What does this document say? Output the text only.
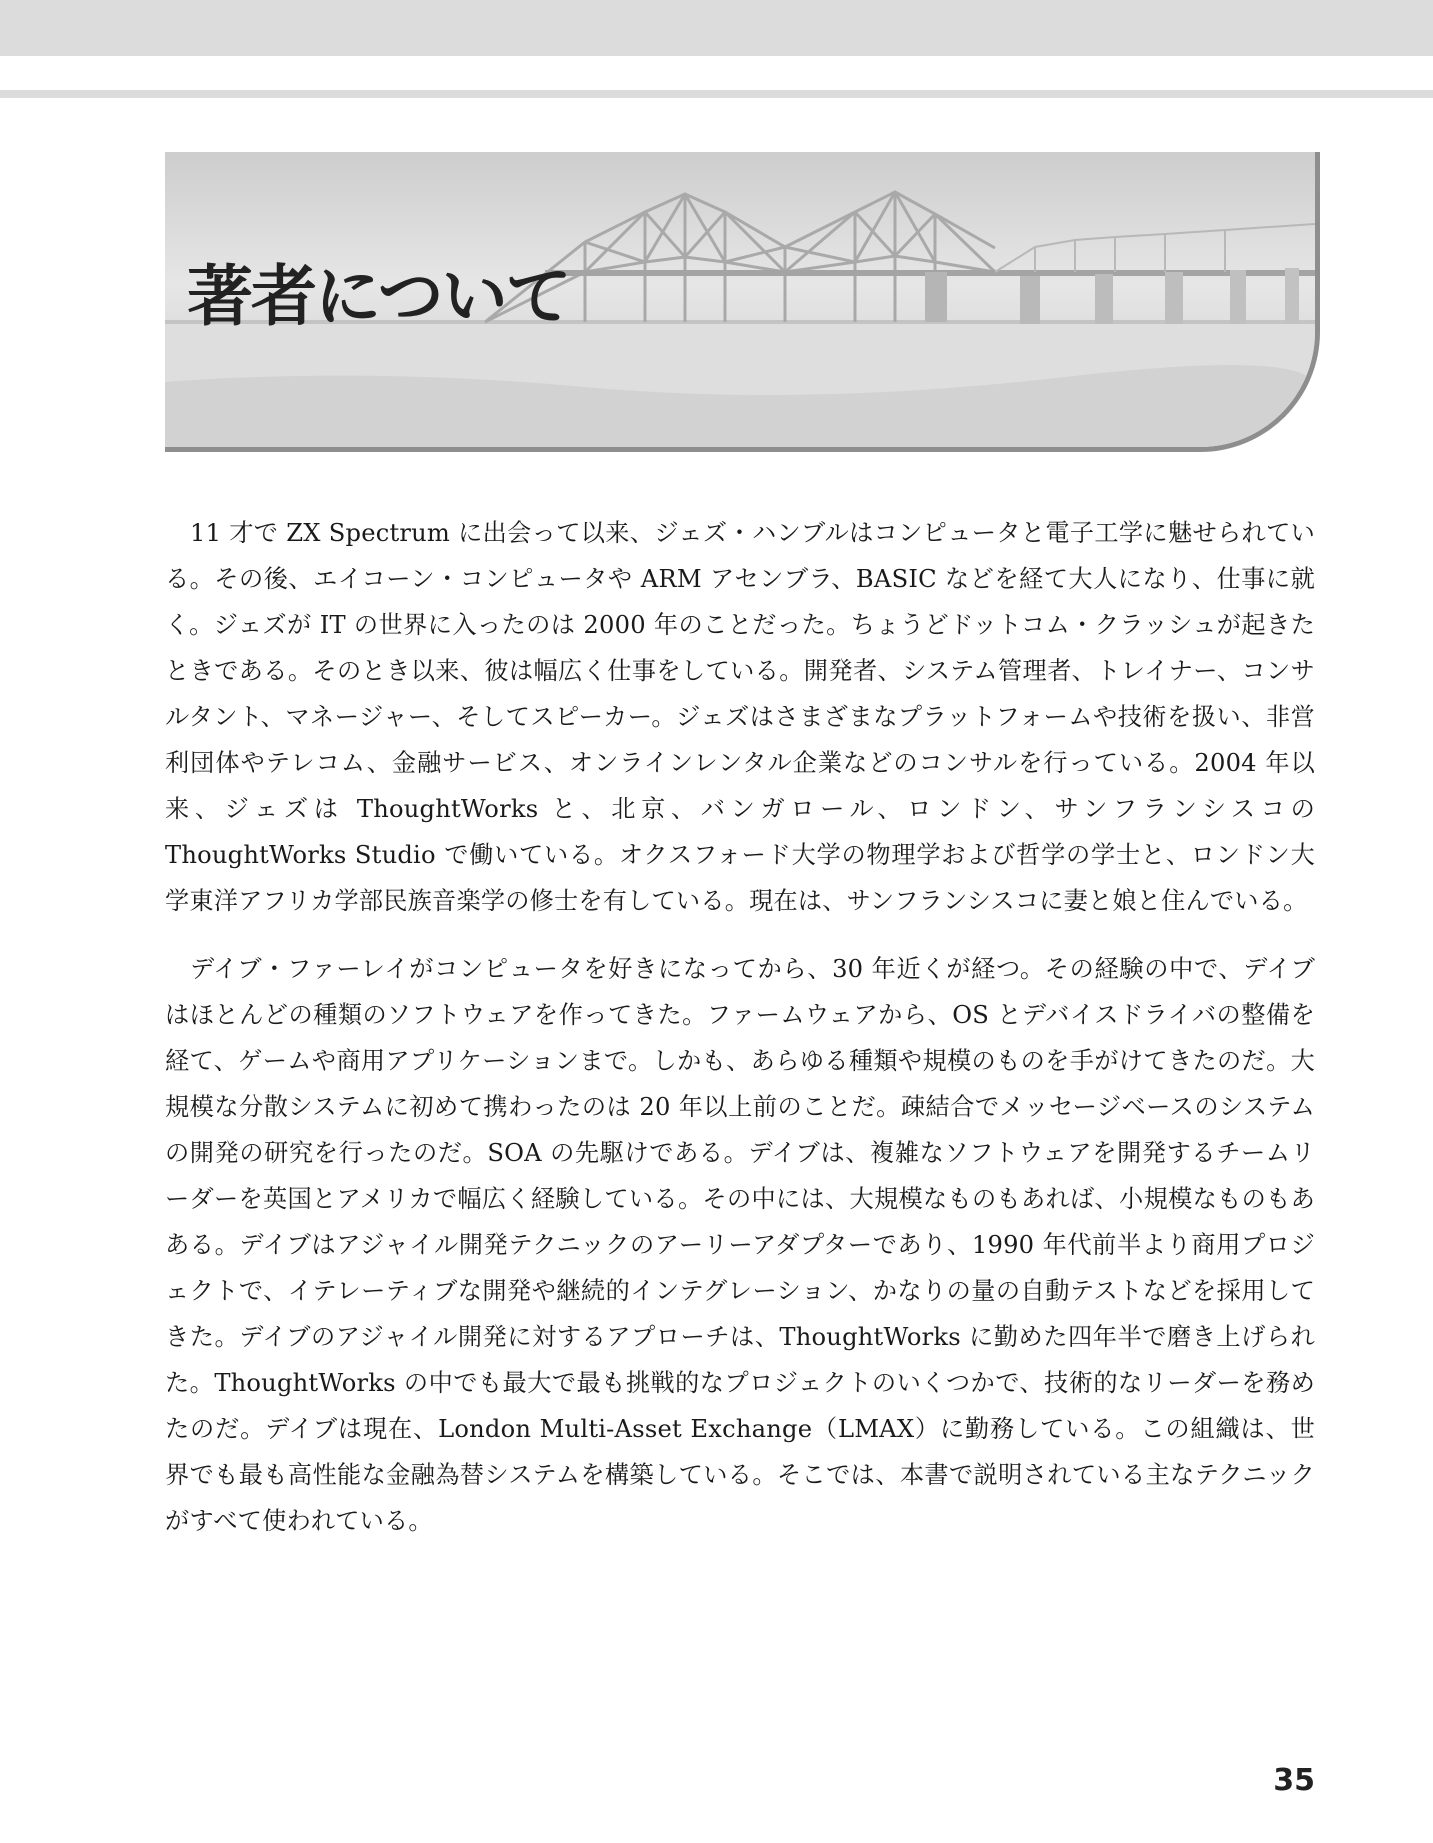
著者について

11 才で ZX Spectrum に出会って以来、ジェズ・ハンブルはコンピュータと電子工学に魅せられている。その後、エイコーン・コンピュータや ARM アセンブラ、BASIC などを経て大人になり、仕事に就く。ジェズが IT の世界に入ったのは 2000 年のことだった。ちょうどドットコム・クラッシュが起きたときである。そのとき以来、彼は幅広く仕事をしている。開発者、システム管理者、トレイナー、コンサルタント、マネージャー、そしてスピーカー。ジェズはさまざまなプラットフォームや技術を扱い、非営利団体やテレコム、金融サービス、オンラインレンタル企業などのコンサルを行っている。2004 年以来、ジェズは ThoughtWorks と、北京、バンガロール、ロンドン、サンフランシスコの ThoughtWorks Studio で働いている。オクスフォード大学の物理学および哲学の学士と、ロンドン大学東洋アフリカ学部民族音楽学の修士を有している。現在は、サンフランシスコに妻と娘と住んでいる。

デイブ・ファーレイがコンピュータを好きになってから、30 年近くが経つ。その経験の中で、デイブはほとんどの種類のソフトウェアを作ってきた。ファームウェアから、OS とデバイスドライバの整備を経て、ゲームや商用アプリケーションまで。しかも、あらゆる種類や規模のものを手がけてきたのだ。大規模な分散システムに初めて携わったのは 20 年以上前のことだ。疎結合でメッセージベースのシステムの開発の研究を行ったのだ。SOA の先駆けである。デイブは、複雑なソフトウェアを開発するチームリーダーを英国とアメリカで幅広く経験している。その中には、大規模なものもあれば、小規模なものもあある。デイブはアジャイル開発テクニックのアーリーアダプターであり、1990 年代前半より商用プロジェクトで、イテレーティブな開発や継続的インテグレーション、かなりの量の自動テストなどを採用してきた。デイブのアジャイル開発に対するアプローチは、ThoughtWorks に勤めた四年半で磨き上げられた。ThoughtWorks の中でも最大で最も挑戦的なプロジェクトのいくつかで、技術的なリーダーを務めたのだ。デイブは現在、London Multi-Asset Exchange（LMAX）に勤務している。この組織は、世界でも最も高性能な金融為替システムを構築している。そこでは、本書で説明されている主なテクニックがすべて使われている。

35
